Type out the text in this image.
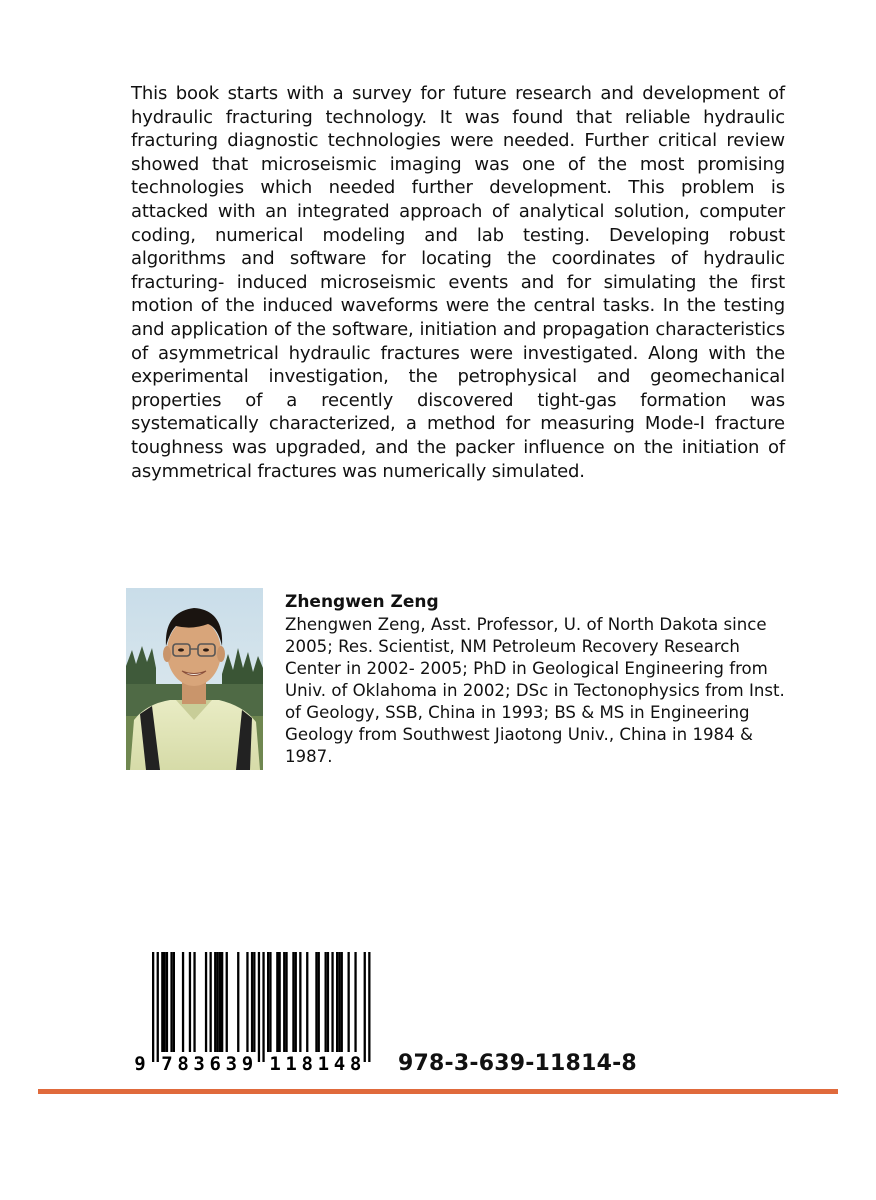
This book starts with a survey for future research and development of hydraulic fracturing technology. It was found that reliable hydraulic fracturing diagnostic technologies were needed. Further critical review showed that microseismic imaging was one of the most promising technologies which needed further development. This problem is attacked with an integrated approach of analytical solution, computer coding, numerical modeling and lab testing. Developing robust algorithms and software for locating the coordinates of hydraulic fracturing- induced microseismic events and for simulating the first motion of the induced waveforms were the central tasks. In the testing and application of the software, initiation and propagation characteristics of asymmetrical hydraulic fractures were investigated. Along with the experimental investigation, the petrophysical and geomechanical properties of a recently discovered tight-gas formation was systematically characterized, a method for measuring Mode-I fracture toughness was upgraded, and the packer influence on the initiation of asymmetrical fractures was numerically simulated.

Zhengwen Zeng

Zhengwen Zeng, Asst. Professor, U. of North Dakota since 2005; Res. Scientist, NM Petroleum Recovery Research Center in 2002- 2005; PhD in Geological Engineering from Univ. of Oklahoma in 2002; DSc in Tectonophysics from Inst. of Geology, SSB, China in 1993; BS & MS in Engineering Geology from Southwest Jiaotong Univ., China in 1984 & 1987.

9 7 8 3 6 3 9 1 1 8 1 4 8 978-3-639-11814-8
